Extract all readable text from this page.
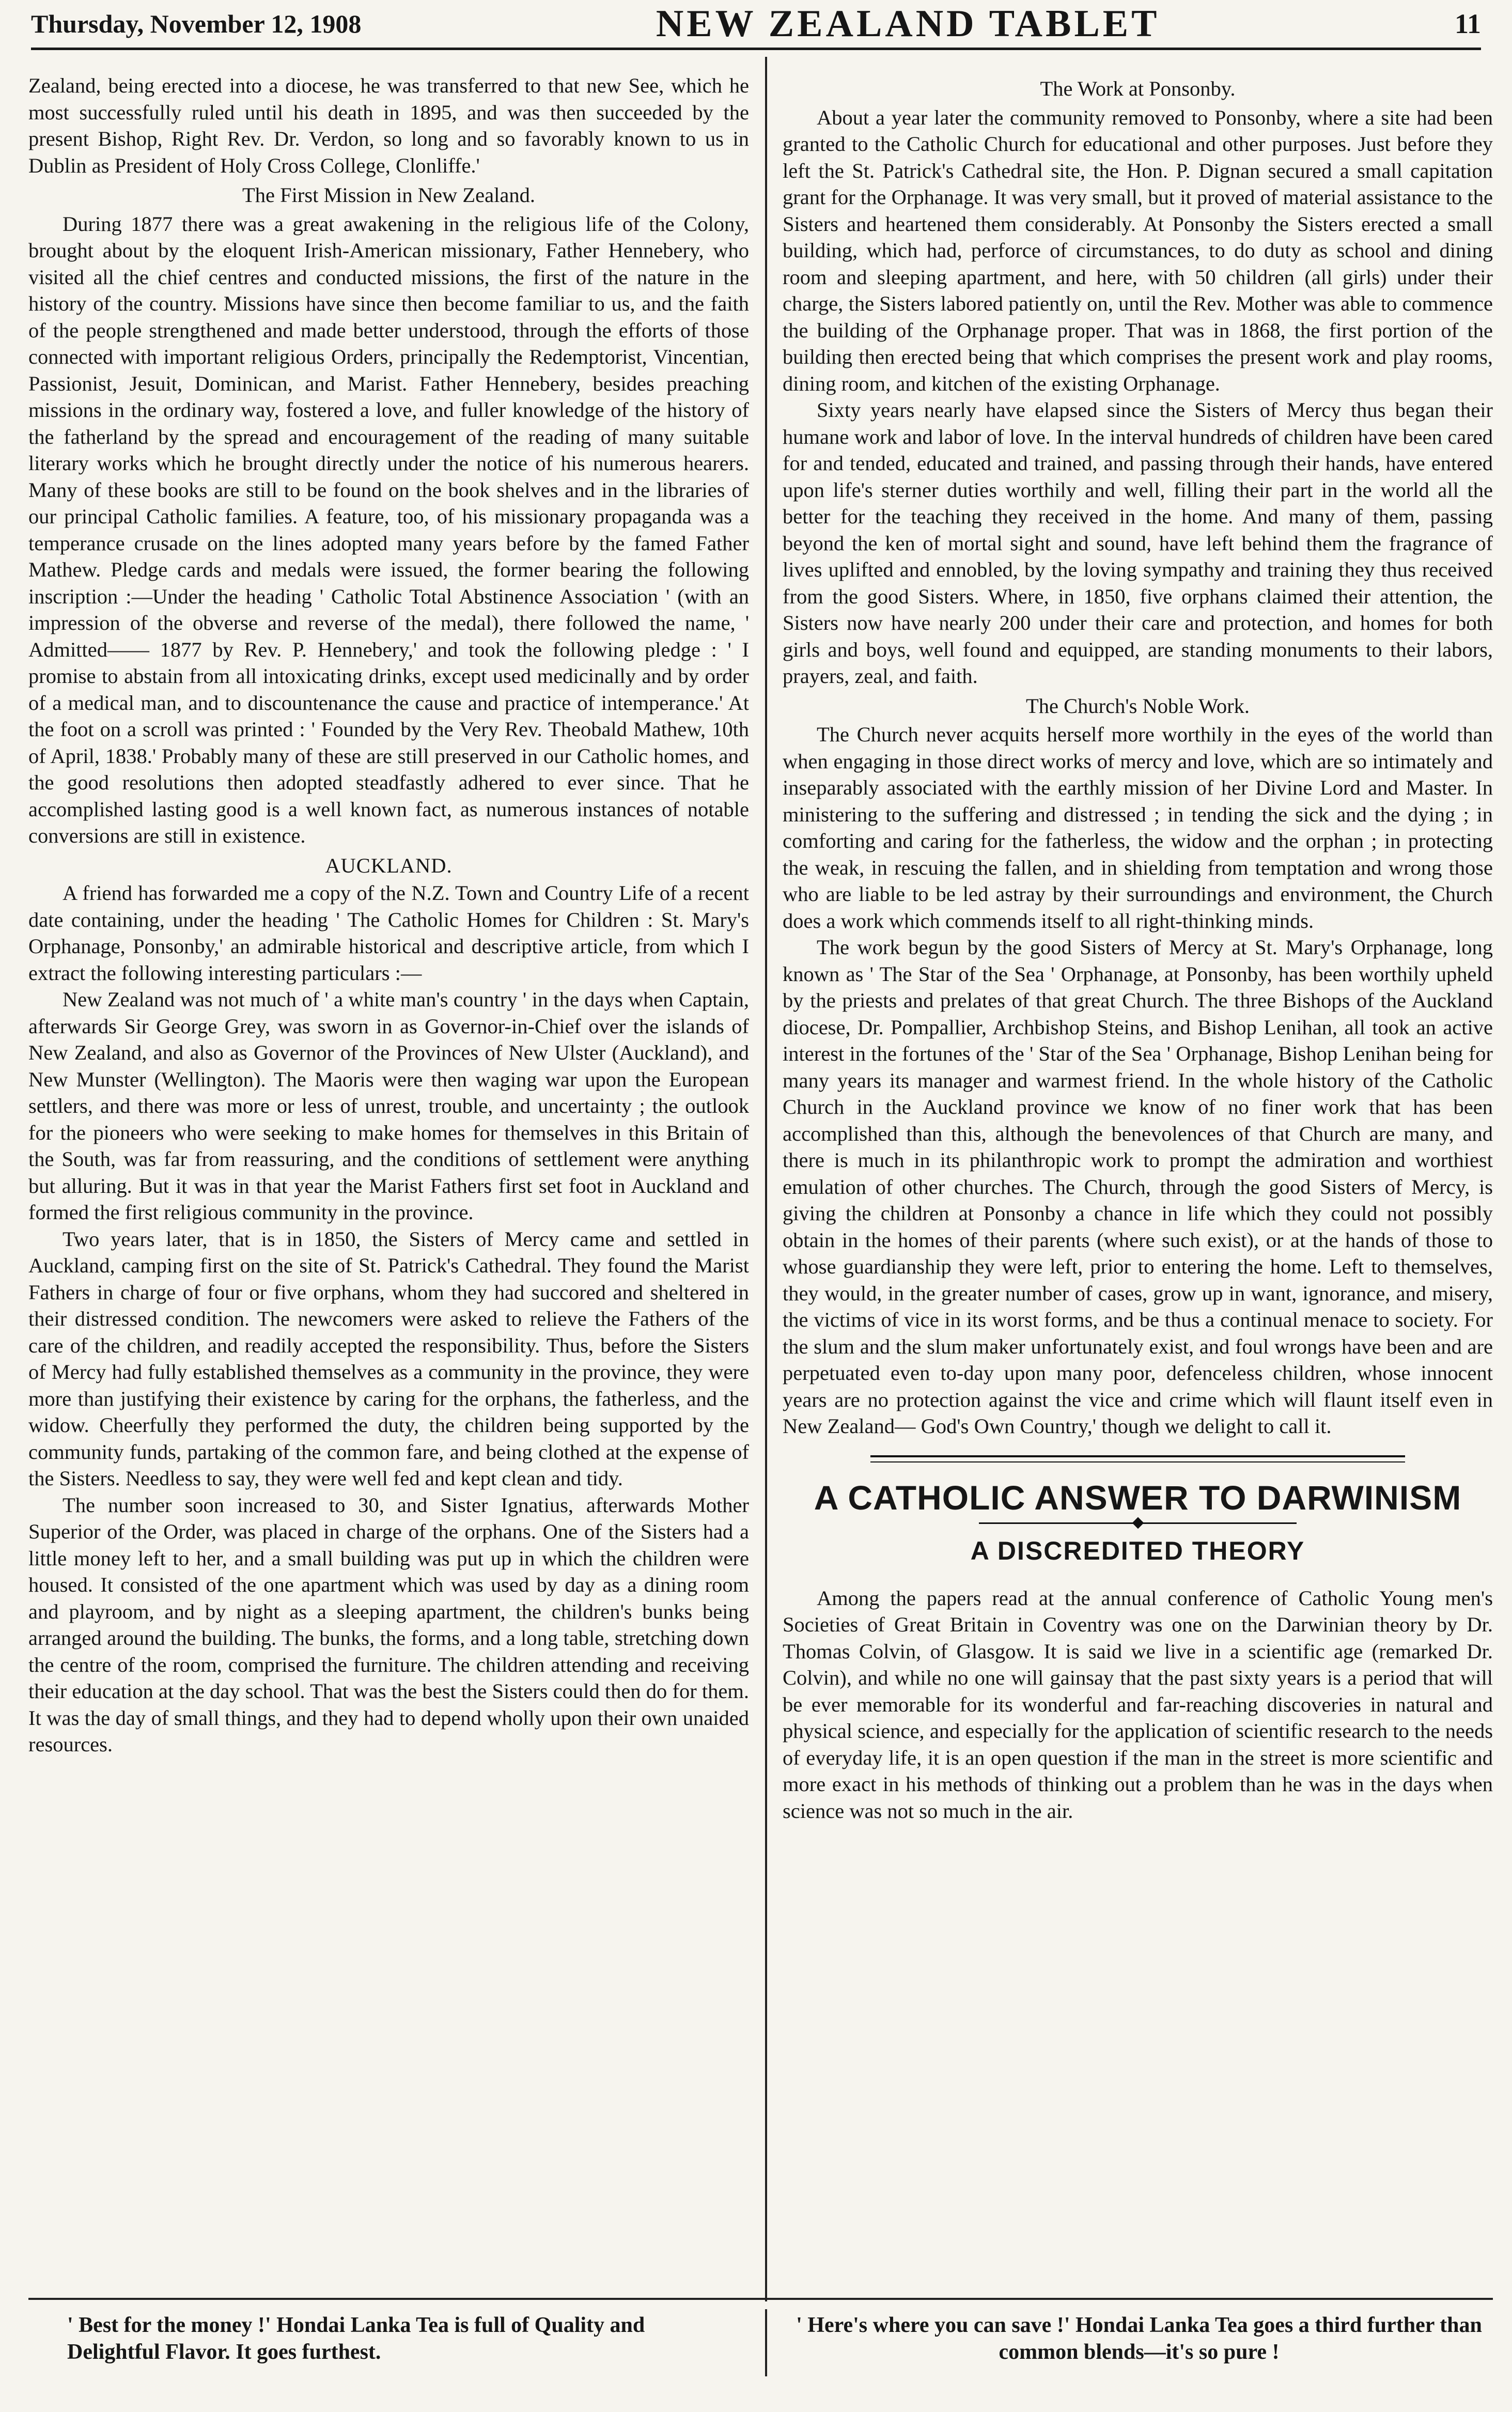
Thursday, November 12, 1908	NEW ZEALAND TABLET	11

Zealand, being erected into a diocese, he was transferred to that new See, which he most successfully ruled until his death in 1895, and was then succeeded by the present Bishop, Right Rev. Dr. Verdon, so long and so favorably known to us in Dublin as President of Holy Cross College, Clonliffe.'

The First Mission in New Zealand.

During 1877 there was a great awakening in the religious life of the Colony, brought about by the eloquent Irish-American missionary, Father Hennebery, who visited all the chief centres and conducted missions, the first of the nature in the history of the country. Missions have since then become familiar to us, and the faith of the people strengthened and made better understood, through the efforts of those connected with important religious Orders, principally the Redemptorist, Vincentian, Passionist, Jesuit, Dominican, and Marist. Father Hennebery, besides preaching missions in the ordinary way, fostered a love, and fuller knowledge of the history of the fatherland by the spread and encouragement of the reading of many suitable literary works which he brought directly under the notice of his numerous hearers. Many of these books are still to be found on the book shelves and in the libraries of our principal Catholic families. A feature, too, of his missionary propaganda was a temperance crusade on the lines adopted many years before by the famed Father Mathew. Pledge cards and medals were issued, the former bearing the following inscription :—Under the heading ' Catholic Total Abstinence Association ' (with an impression of the obverse and reverse of the medal), there followed the name, ' Admitted—— 1877 by Rev. P. Hennebery,' and took the following pledge : ' I promise to abstain from all intoxicating drinks, except used medicinally and by order of a medical man, and to discountenance the cause and practice of intemperance.' At the foot on a scroll was printed : ' Founded by the Very Rev. Theobald Mathew, 10th of April, 1838.' Probably many of these are still preserved in our Catholic homes, and the good resolutions then adopted steadfastly adhered to ever since. That he accomplished lasting good is a well known fact, as numerous instances of notable conversions are still in existence.

AUCKLAND.

A friend has forwarded me a copy of the N.Z. Town and Country Life of a recent date containing, under the heading ' The Catholic Homes for Children : St. Mary's Orphanage, Ponsonby,' an admirable historical and descriptive article, from which I extract the following interesting particulars :—

New Zealand was not much of ' a white man's country ' in the days when Captain, afterwards Sir George Grey, was sworn in as Governor-in-Chief over the islands of New Zealand, and also as Governor of the Provinces of New Ulster (Auckland), and New Munster (Wellington). The Maoris were then waging war upon the European settlers, and there was more or less of unrest, trouble, and uncertainty ; the outlook for the pioneers who were seeking to make homes for themselves in this Britain of the South, was far from reassuring, and the conditions of settlement were anything but alluring. But it was in that year the Marist Fathers first set foot in Auckland and formed the first religious community in the province.

Two years later, that is in 1850, the Sisters of Mercy came and settled in Auckland, camping first on the site of St. Patrick's Cathedral. They found the Marist Fathers in charge of four or five orphans, whom they had succored and sheltered in their distressed condition. The newcomers were asked to relieve the Fathers of the care of the children, and readily accepted the responsibility. Thus, before the Sisters of Mercy had fully established themselves as a community in the province, they were more than justifying their existence by caring for the orphans, the fatherless, and the widow. Cheerfully they performed the duty, the children being supported by the community funds, partaking of the common fare, and being clothed at the expense of the Sisters. Needless to say, they were well fed and kept clean and tidy.

The number soon increased to 30, and Sister Ignatius, afterwards Mother Superior of the Order, was placed in charge of the orphans. One of the Sisters had a little money left to her, and a small building was put up in which the children were housed. It consisted of the one apartment which was used by day as a dining room and playroom, and by night as a sleeping apartment, the children's bunks being arranged around the building. The bunks, the forms, and a long table, stretching down the centre of the room, comprised the furniture. The children attending and receiving their education at the day school. That was the best the Sisters could then do for them. It was the day of small things, and they had to depend wholly upon their own unaided resources.

The Work at Ponsonby.

About a year later the community removed to Ponsonby, where a site had been granted to the Catholic Church for educational and other purposes. Just before they left the St. Patrick's Cathedral site, the Hon. P. Dignan secured a small capitation grant for the Orphanage. It was very small, but it proved of material assistance to the Sisters and heartened them considerably. At Ponsonby the Sisters erected a small building, which had, perforce of circumstances, to do duty as school and dining room and sleeping apartment, and here, with 50 children (all girls) under their charge, the Sisters labored patiently on, until the Rev. Mother was able to commence the building of the Orphanage proper. That was in 1868, the first portion of the building then erected being that which comprises the present work and play rooms, dining room, and kitchen of the existing Orphanage.

Sixty years nearly have elapsed since the Sisters of Mercy thus began their humane work and labor of love. In the interval hundreds of children have been cared for and tended, educated and trained, and passing through their hands, have entered upon life's sterner duties worthily and well, filling their part in the world all the better for the teaching they received in the home. And many of them, passing beyond the ken of mortal sight and sound, have left behind them the fragrance of lives uplifted and ennobled, by the loving sympathy and training they thus received from the good Sisters. Where, in 1850, five orphans claimed their attention, the Sisters now have nearly 200 under their care and protection, and homes for both girls and boys, well found and equipped, are standing monuments to their labors, prayers, zeal, and faith.

The Church's Noble Work.

The Church never acquits herself more worthily in the eyes of the world than when engaging in those direct works of mercy and love, which are so intimately and inseparably associated with the earthly mission of her Divine Lord and Master. In ministering to the suffering and distressed ; in tending the sick and the dying ; in comforting and caring for the fatherless, the widow and the orphan ; in protecting the weak, in rescuing the fallen, and in shielding from temptation and wrong those who are liable to be led astray by their surroundings and environment, the Church does a work which commends itself to all right-thinking minds.

The work begun by the good Sisters of Mercy at St. Mary's Orphanage, long known as ' The Star of the Sea ' Orphanage, at Ponsonby, has been worthily upheld by the priests and prelates of that great Church. The three Bishops of the Auckland diocese, Dr. Pompallier, Archbishop Steins, and Bishop Lenihan, all took an active interest in the fortunes of the ' Star of the Sea ' Orphanage, Bishop Lenihan being for many years its manager and warmest friend. In the whole history of the Catholic Church in the Auckland province we know of no finer work that has been accomplished than this, although the benevolences of that Church are many, and there is much in its philanthropic work to prompt the admiration and worthiest emulation of other churches. The Church, through the good Sisters of Mercy, is giving the children at Ponsonby a chance in life which they could not possibly obtain in the homes of their parents (where such exist), or at the hands of those to whose guardianship they were left, prior to entering the home. Left to themselves, they would, in the greater number of cases, grow up in want, ignorance, and misery, the victims of vice in its worst forms, and be thus a continual menace to society. For the slum and the slum maker unfortunately exist, and foul wrongs have been and are perpetuated even to-day upon many poor, defenceless children, whose innocent years are no protection against the vice and crime which will flaunt itself even in New Zealand— God's Own Country,' though we delight to call it.

A CATHOLIC ANSWER TO DARWINISM
A DISCREDITED THEORY

Among the papers read at the annual conference of Catholic Young men's Societies of Great Britain in Coventry was one on the Darwinian theory by Dr. Thomas Colvin, of Glasgow. It is said we live in a scientific age (remarked Dr. Colvin), and while no one will gainsay that the past sixty years is a period that will be ever memorable for its wonderful and far-reaching discoveries in natural and physical science, and especially for the application of scientific research to the needs of everyday life, it is an open question if the man in the street is more scientific and more exact in his methods of thinking out a problem than he was in the days when science was not so much in the air.

' Best for the money !' Hondai Lanka Tea is full of Quality and Delightful Flavor. It goes furthest.
' Here's where you can save !' Hondai Lanka Tea goes a third further than common blends—it's so pure !
